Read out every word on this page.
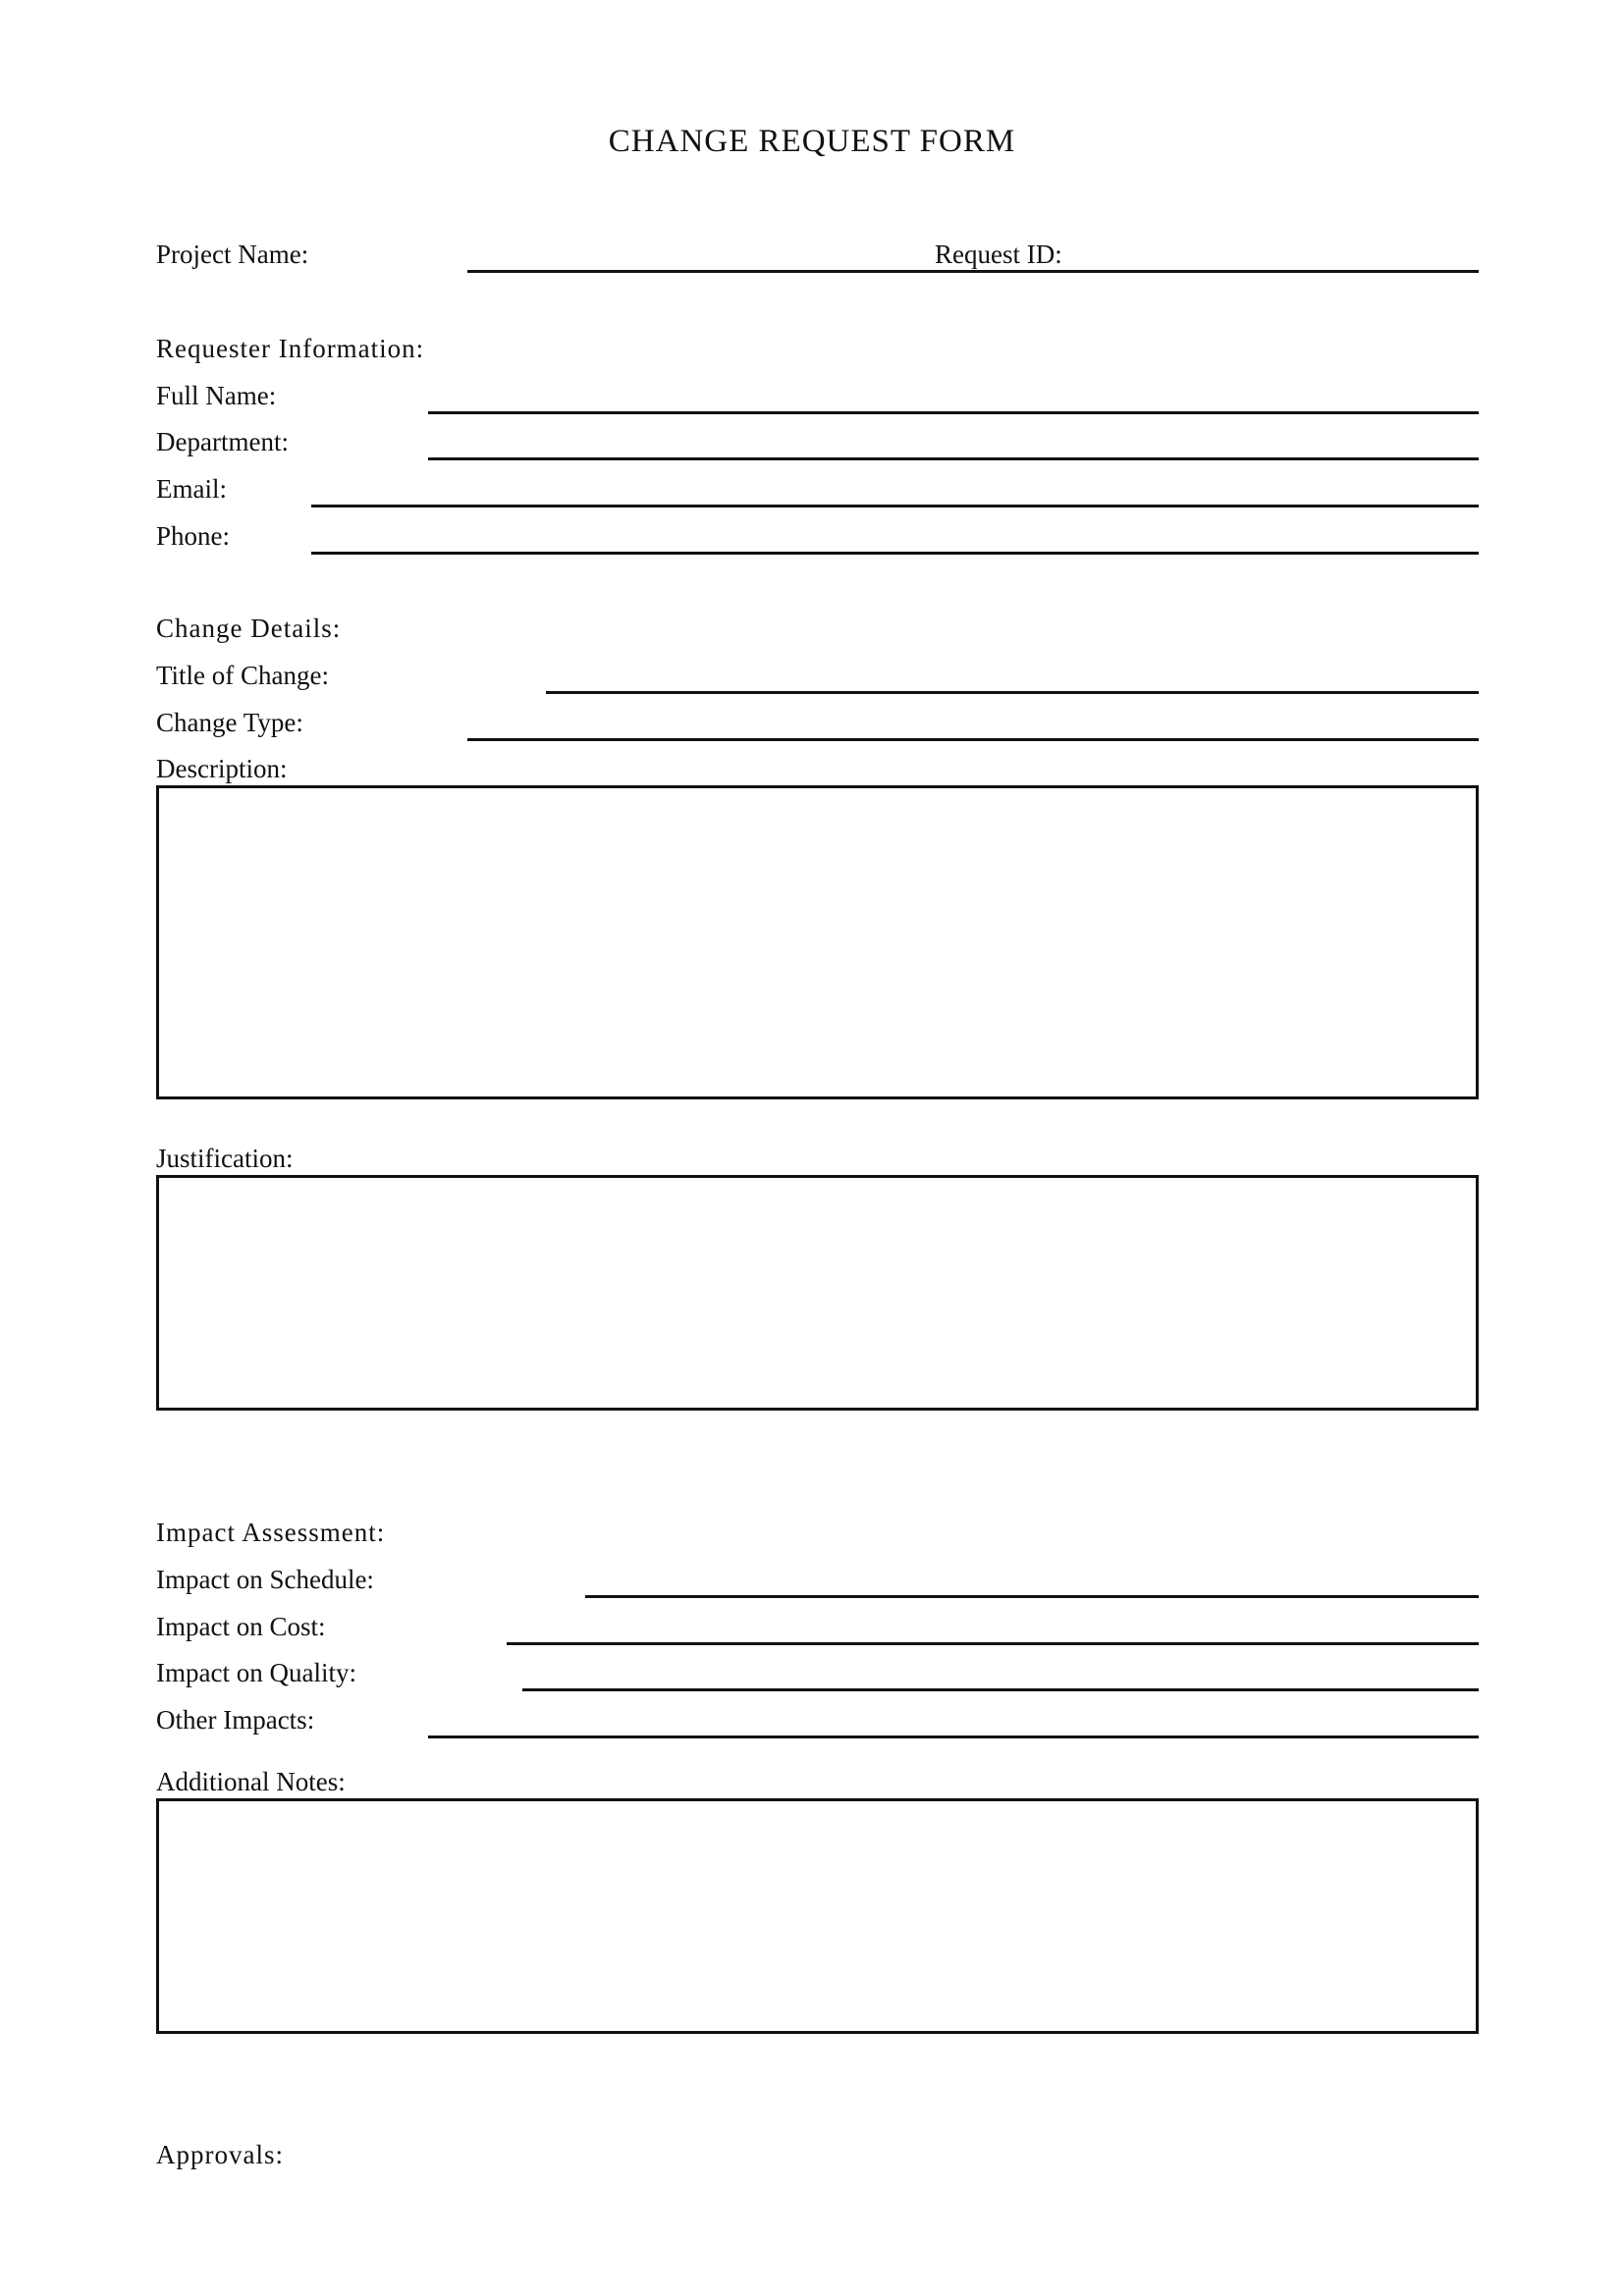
CHANGE REQUEST FORM
Project Name:	Request ID:
Requester Information:
Full Name:
Department:
Email:
Phone:
Change Details:
Title of Change:
Change Type:
Description:
Justification:
Impact Assessment:
Impact on Schedule:
Impact on Cost:
Impact on Quality:
Other Impacts:
Additional Notes:
Approvals:
